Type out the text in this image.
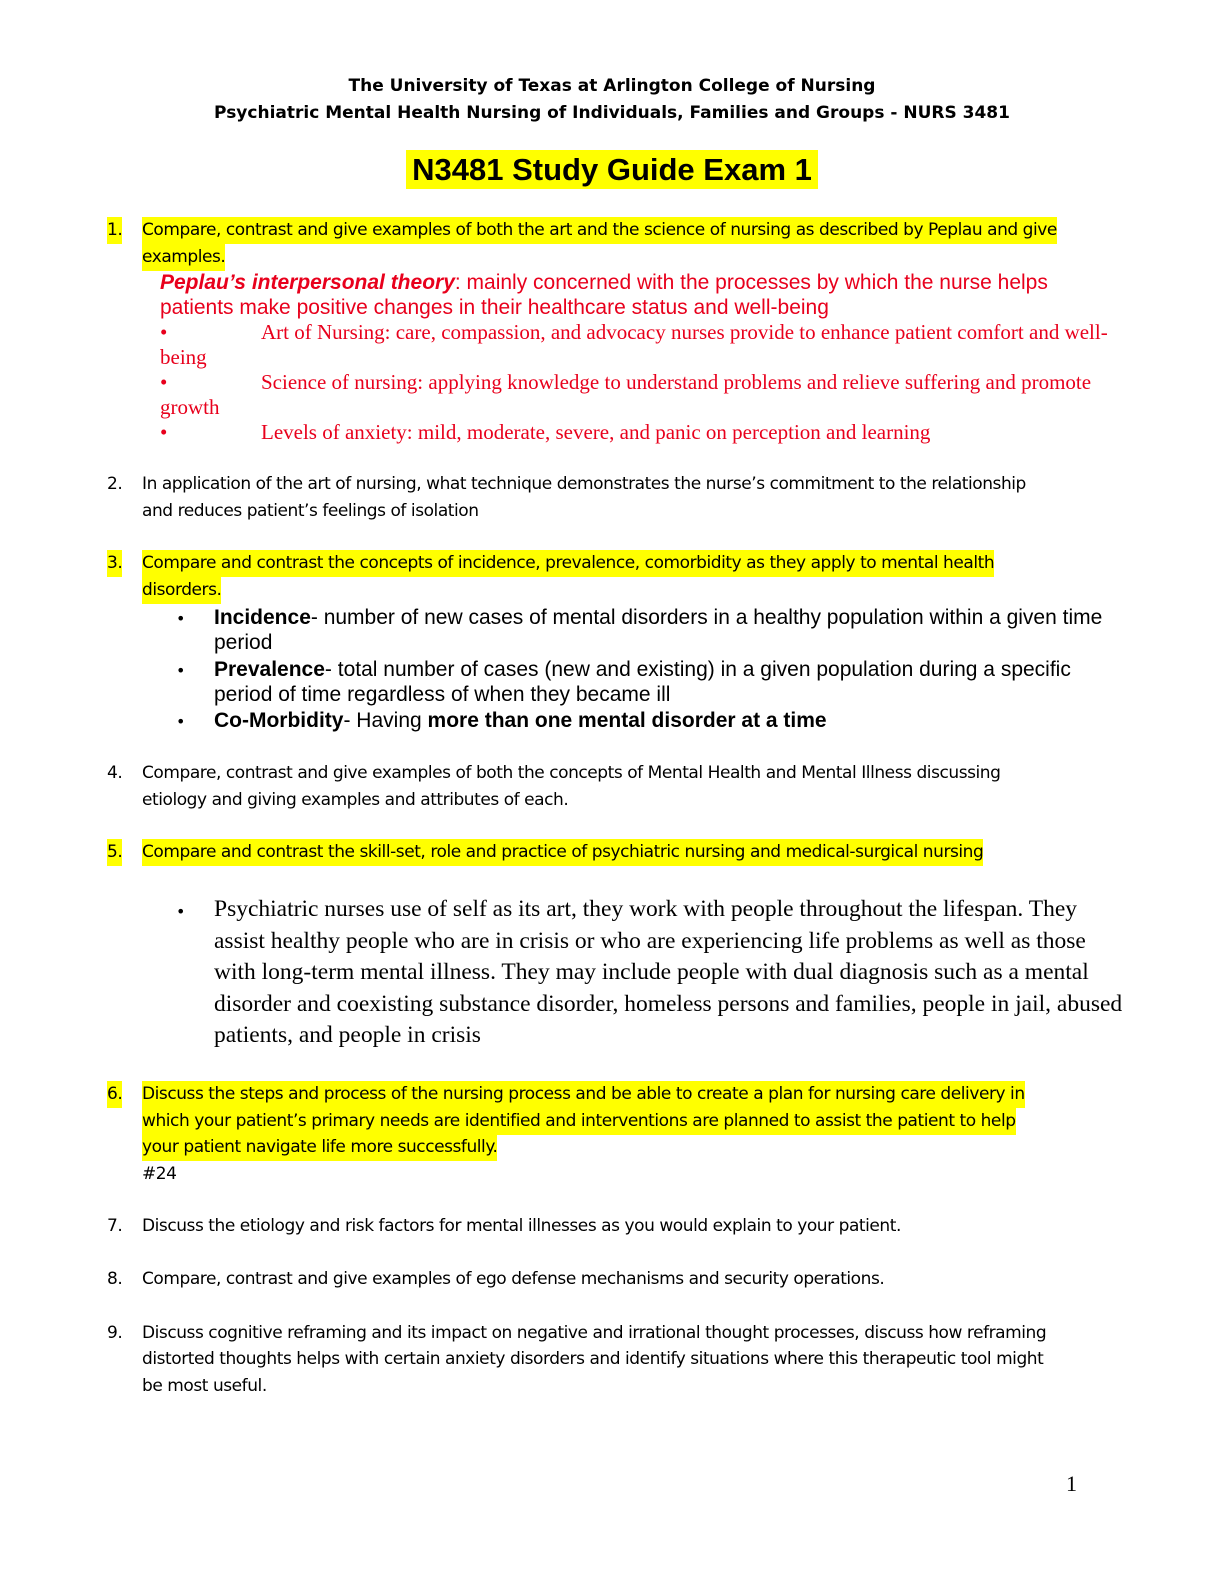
The University of Texas at Arlington College of Nursing
Psychiatric Mental Health Nursing of Individuals, Families and Groups - NURS 3481
N3481 Study Guide Exam 1
1. Compare, contrast and give examples of both the art and the science of nursing as described by Peplau and give
examples.
Peplau’s interpersonal theory: mainly concerned with the processes by which the nurse helps
patients make positive changes in their healthcare status and well-being
•	Art of Nursing: care, compassion, and advocacy nurses provide to enhance patient comfort and well-
being
•	Science of nursing: applying knowledge to understand problems and relieve suffering and promote
growth
•	Levels of anxiety: mild, moderate, severe, and panic on perception and learning
2. In application of the art of nursing, what technique demonstrates the nurse’s commitment to the relationship
and reduces patient’s feelings of isolation
3. Compare and contrast the concepts of incidence, prevalence, comorbidity as they apply to mental health
disorders.
• Incidence- number of new cases of mental disorders in a healthy population within a given time
period
• Prevalence- total number of cases (new and existing) in a given population during a specific
period of time regardless of when they became ill
• Co-Morbidity- Having more than one mental disorder at a time
4. Compare, contrast and give examples of both the concepts of Mental Health and Mental Illness discussing
etiology and giving examples and attributes of each.
5. Compare and contrast the skill-set, role and practice of psychiatric nursing and medical-surgical nursing
• Psychiatric nurses use of self as its art, they work with people throughout the lifespan. They
assist healthy people who are in crisis or who are experiencing life problems as well as those
with long-term mental illness. They may include people with dual diagnosis such as a mental
disorder and coexisting substance disorder, homeless persons and families, people in jail, abused
patients, and people in crisis
6. Discuss the steps and process of the nursing process and be able to create a plan for nursing care delivery in
which your patient’s primary needs are identified and interventions are planned to assist the patient to help
your patient navigate life more successfully.
#24
7. Discuss the etiology and risk factors for mental illnesses as you would explain to your patient.
8. Compare, contrast and give examples of ego defense mechanisms and security operations.
9. Discuss cognitive reframing and its impact on negative and irrational thought processes, discuss how reframing
distorted thoughts helps with certain anxiety disorders and identify situations where this therapeutic tool might
be most useful.
1
